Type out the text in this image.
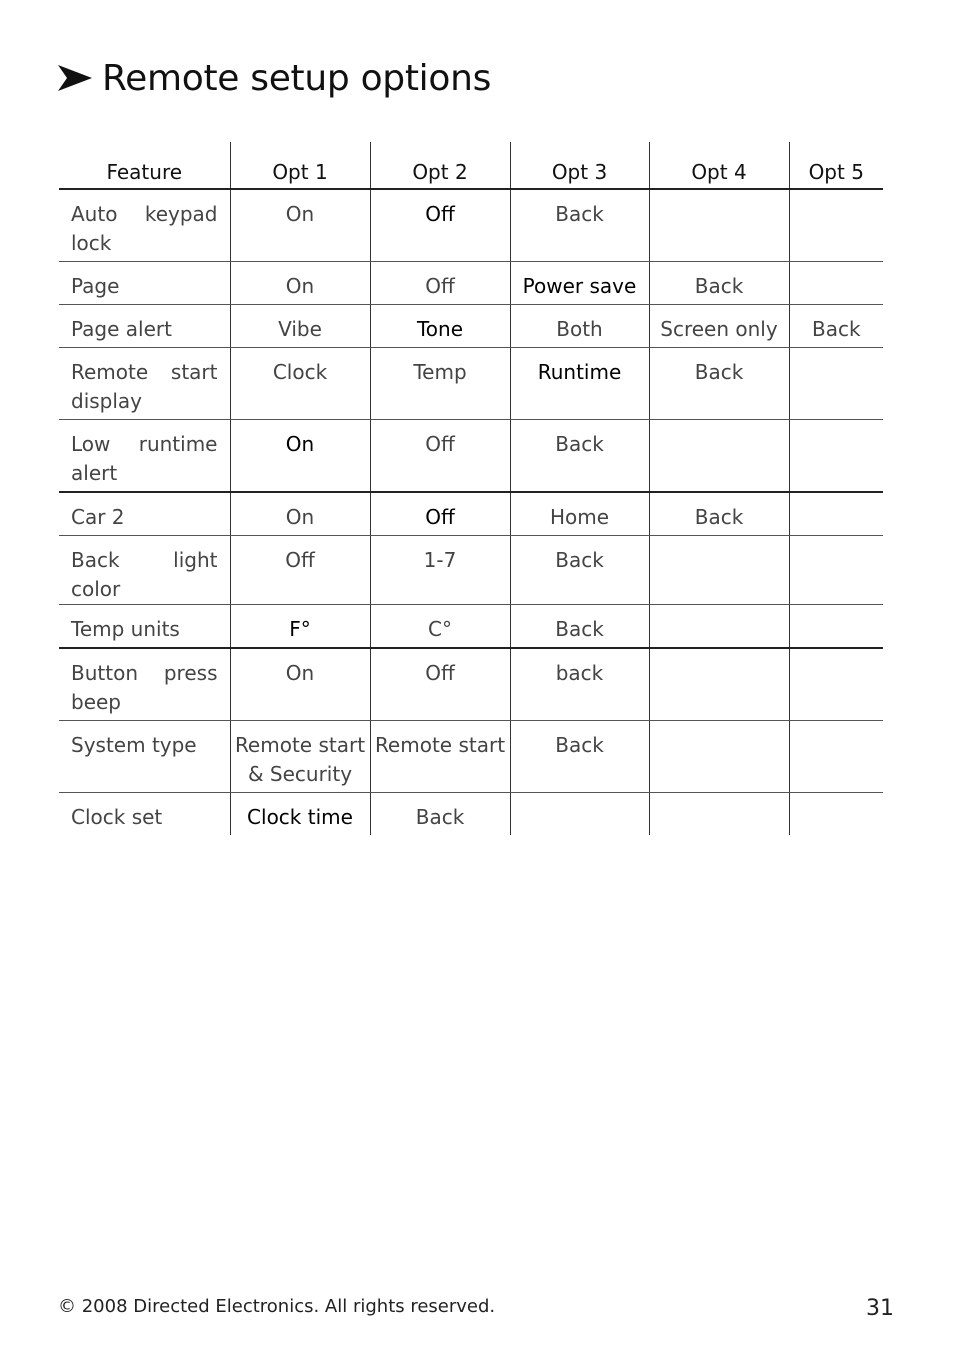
Remote setup options
Feature	Opt 1	Opt 2	Opt 3	Opt 4	Opt 5
Auto keypad lock	On	Off	Back		
Page	On	Off	Power save	Back	
Page alert	Vibe	Tone	Both	Screen only	Back
Remote start display	Clock	Temp	Runtime	Back	
Low runtime alert	On	Off	Back		
Car 2	On	Off	Home	Back	
Back light color	Off	1-7	Back		
Temp units	F°	C°	Back		
Button press beep	On	Off	back		
System type	Remote start & Security	Remote start	Back		
Clock set	Clock time	Back			
© 2008 Directed Electronics. All rights reserved.	31
